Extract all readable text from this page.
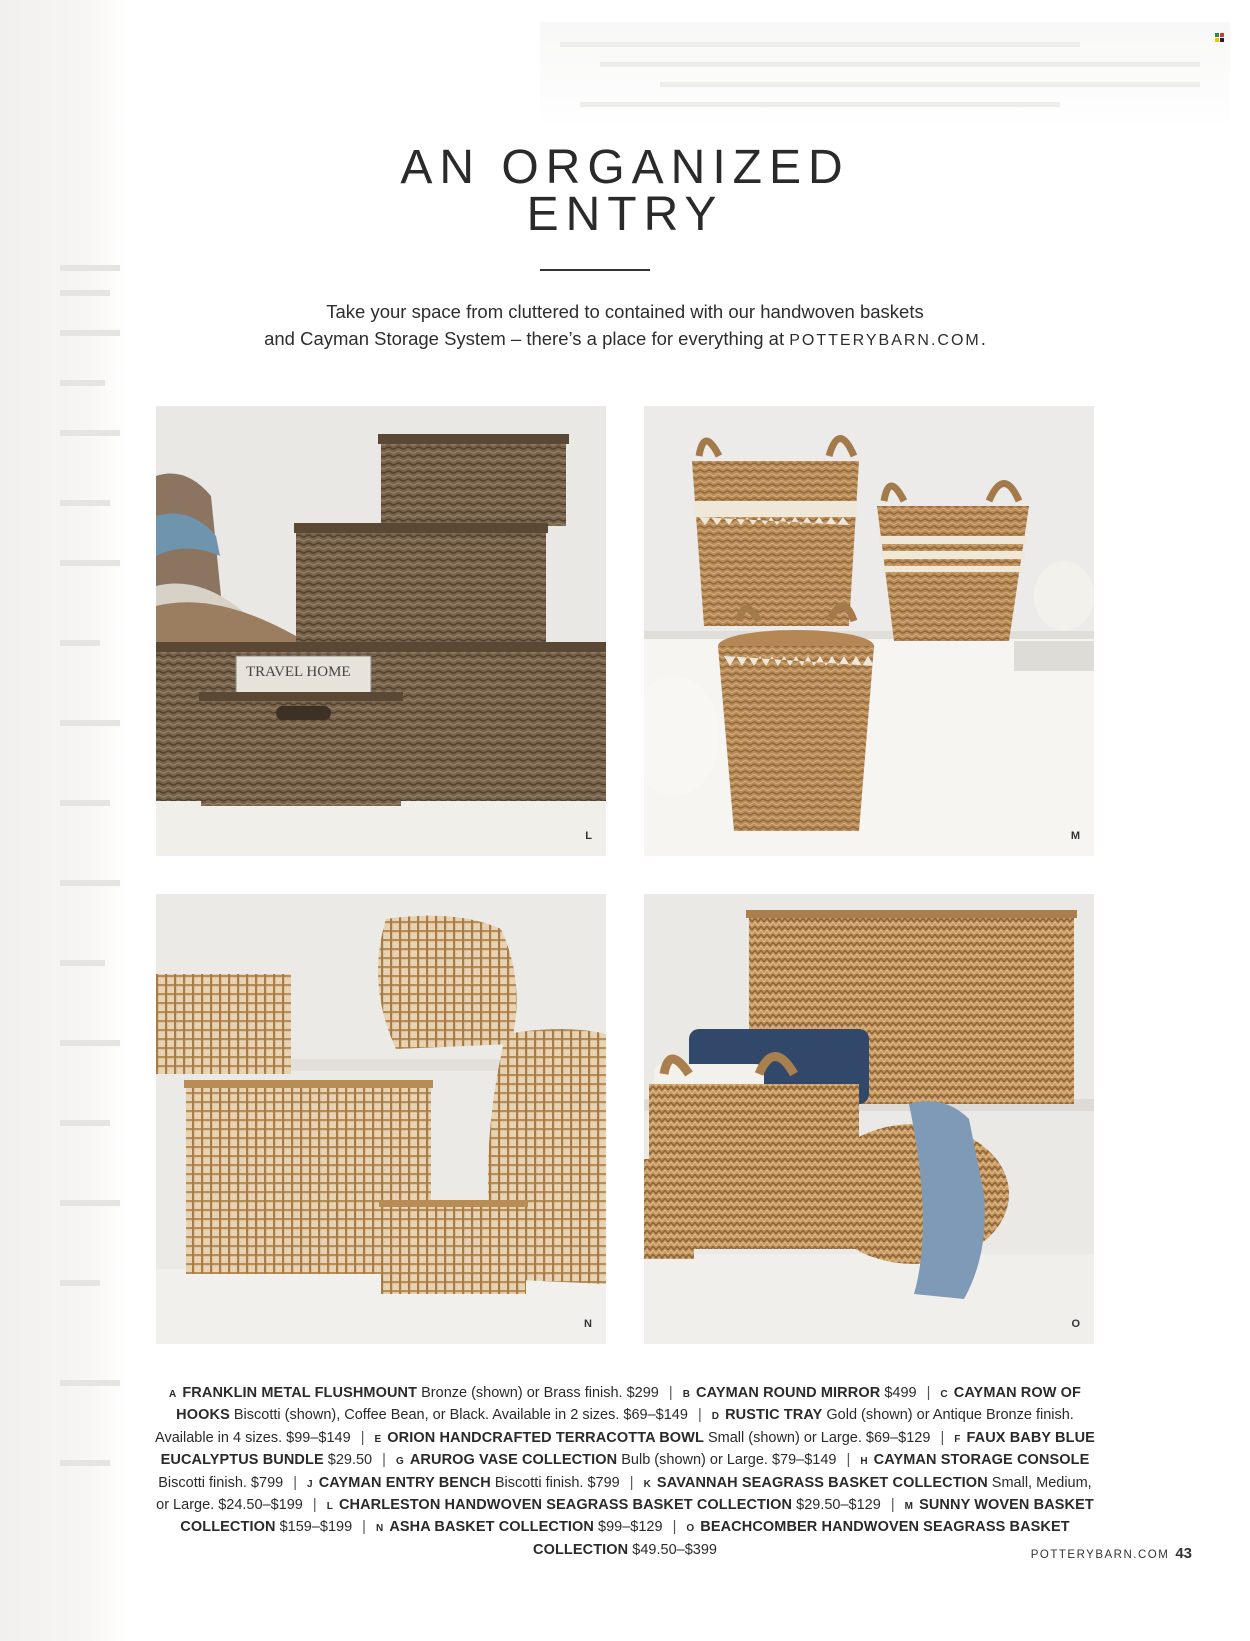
AN ORGANIZED
ENTRY
Take your space from cluttered to contained with our handwoven baskets
and Cayman Storage System – there’s a place for everything at POTTERYBARN.COM.
TRAVEL HOME
L	M
N	O
A FRANKLIN METAL FLUSHMOUNT Bronze (shown) or Brass finish. $299 | B CAYMAN ROUND MIRROR $499 | C CAYMAN ROW OF HOOKS Biscotti (shown), Coffee Bean, or Black. Available in 2 sizes. $69–$149 | D RUSTIC TRAY Gold (shown) or Antique Bronze finish. Available in 4 sizes. $99–$149 | E ORION HANDCRAFTED TERRACOTTA BOWL Small (shown) or Large. $69–$129 | F FAUX BABY BLUE EUCALYPTUS BUNDLE $29.50 | G ARUROG VASE COLLECTION Bulb (shown) or Large. $79–$149 | H CAYMAN STORAGE CONSOLE Biscotti finish. $799 | J CAYMAN ENTRY BENCH Biscotti finish. $799 | K SAVANNAH SEAGRASS BASKET COLLECTION Small, Medium, or Large. $24.50–$199 | L CHARLESTON HANDWOVEN SEAGRASS BASKET COLLECTION $29.50–$129 | M SUNNY WOVEN BASKET COLLECTION $159–$199 | N ASHA BASKET COLLECTION $99–$129 | O BEACHCOMBER HANDWOVEN SEAGRASS BASKET COLLECTION $49.50–$399	POTTERYBARN.COM 43
